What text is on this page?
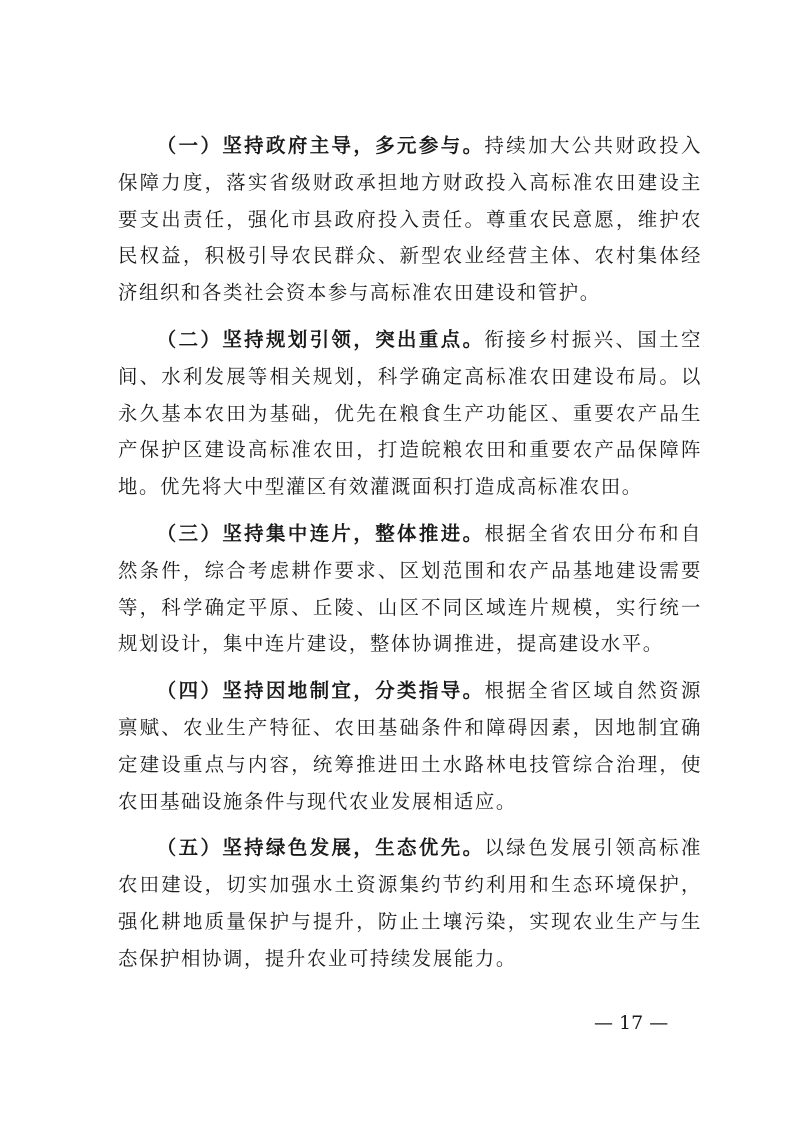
（一）坚持政府主导，多元参与。持续加大公共财政投入保障力度，落实省级财政承担地方财政投入高标准农田建设主要支出责任，强化市县政府投入责任。尊重农民意愿，维护农民权益，积极引导农民群众、新型农业经营主体、农村集体经济组织和各类社会资本参与高标准农田建设和管护。

（二）坚持规划引领，突出重点。衔接乡村振兴、国土空间、水利发展等相关规划，科学确定高标准农田建设布局。以永久基本农田为基础，优先在粮食生产功能区、重要农产品生产保护区建设高标准农田，打造皖粮农田和重要农产品保障阵地。优先将大中型灌区有效灌溉面积打造成高标准农田。

（三）坚持集中连片，整体推进。根据全省农田分布和自然条件，综合考虑耕作要求、区划范围和农产品基地建设需要等，科学确定平原、丘陵、山区不同区域连片规模，实行统一规划设计，集中连片建设，整体协调推进，提高建设水平。

（四）坚持因地制宜，分类指导。根据全省区域自然资源禀赋、农业生产特征、农田基础条件和障碍因素，因地制宜确定建设重点与内容，统筹推进田土水路林电技管综合治理，使农田基础设施条件与现代农业发展相适应。

（五）坚持绿色发展，生态优先。以绿色发展引领高标准农田建设，切实加强水土资源集约节约利用和生态环境保护，强化耕地质量保护与提升，防止土壤污染，实现农业生产与生态保护相协调，提升农业可持续发展能力。

— 17 —
